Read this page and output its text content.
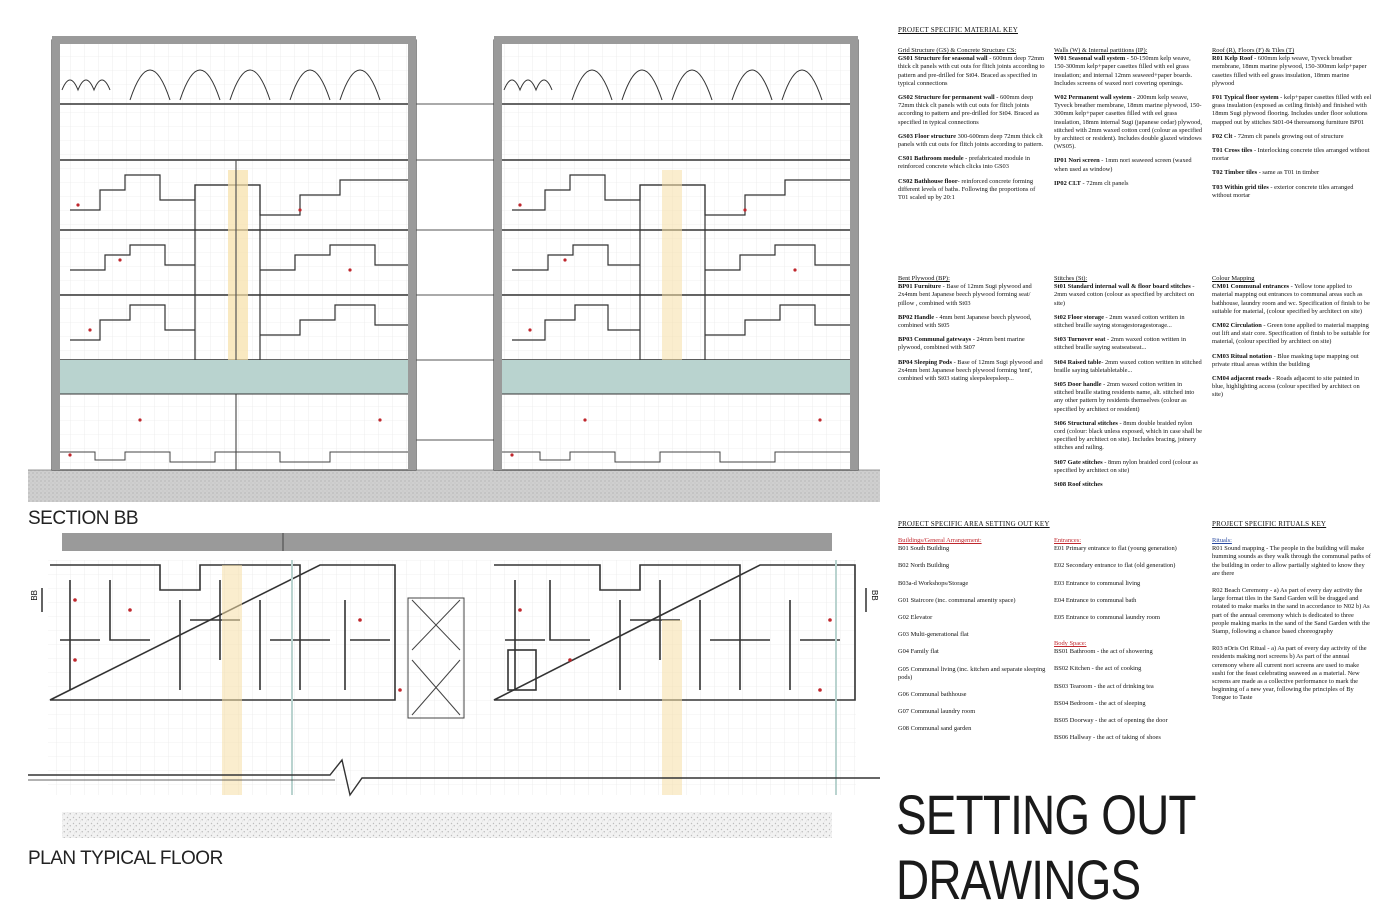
BB	BB
SECTION BB
PLAN TYPICAL FLOOR
SETTING OUT DRAWINGS
PROJECT SPECIFIC MATERIAL KEY
Grid Structure (GS) & Concrete Structure CS:

GS01 Structure for seasonal wall - 600mm deep 72mm thick clt panels with cut outs for flitch joints according to pattern and pre-drilled for St04. Braced as specified in typical connections

GS02 Structure for permanent wall - 600mm deep 72mm thick clt panels with cut outs for flitch joints according to pattern and pre-drilled for St04. Braced as specified in typical connections

GS03 Floor structure 300-600mm deep 72mm thick clt panels with cut outs for flitch joints according to pattern.

CS01 Bathroom module - prefabricated module in reinforced concrete which clicks into GS03

CS02 Bathhouse floor- reinforced concrete forming different levels of baths. Following the proportions of T01 scaled up by 20:1

Walls (W) & Internal partitions (IP):

W01 Seasonal wall system - 50-150mm kelp weave, 150-300mm kelp+paper casettes filled with eel grass insulation; and internal 12mm seaweed+paper boards. Includes screens of waxed nori covering openings.

W02 Permanent wall system - 200mm kelp weave, Tyveck breather membrane, 18mm marine plywood, 150-300mm kelp+paper casettes filled with eel grass insulation, 18mm internal Sugi (japanese cedar) plywood, stitched with 2mm waxed cotton cord (colour as specified by architect or resident). Includes double glazed windows (WS05).

IP01 Nori screen - 1mm nori seaweed screen (waxed when used as window)

IP02 CLT - 72mm clt panels

Roof (R), Floors (F) & Tiles (T)

R01 Kelp Roof - 600mm kelp weave, Tyveck breather membrane, 18mm marine plywood, 150-300mm kelp+paper casettes filled with eel grass insulation, 18mm marine plywood

F01 Typical floor system - kelp+paper casettes filled with eel grass insulation (exposed as ceiling finish) and finished with 18mm Sugi plywood flooring. Includes under floor solutions mapped out by stitches St01-04 thereamong furniture BP01

F02 Clt - 72mm clt panels growing out of structure

T01 Cross tiles - Interlocking concrete tiles arranged without mortar

T02 Timber tiles - same as T01 in timber

T03 Within grid tiles - exterior concrete tiles arranged without mortar

Bent Plywood (BP):

BP01 Furniture - Base of 12mm Sugi plywood and 2x4mm bent Japanese beech plywood forming seat/ pillow , combined with St03

BP02 Handle - 4mm bent Japanese beech plywood, combined with St05

BP03 Communal gateways - 24mm bent marine plywood, combined with St07

BP04 Sleeping Pods - Base of 12mm Sugi plywood and 2x4mm bent Japanese beech plywood forming 'tent', combined with St03 stating sleepsleepsleep...

Stitches (St):

St01 Standard internal wall & floor board stitches - 2mm waxed cotton (colour as specified by architect on site)

St02 Floor storage - 2mm waxed cotton written in stitched braille saying storagestoragestorage...

St03 Turnover seat - 2mm waxed cotton written in stitched braille saying seatseatseat...

St04 Raised table- 2mm waxed cotton written in stitched braille saying tabletabletable...

St05 Door handle - 2mm waxed cotton written in stitched braille stating residents name, alt. stitched into any other pattern by residents themselves (colour as specified by architect or resident)

St06 Structural stitches - 8mm double braided nylon cord (colour: black unless exposed, which in case shall be specified by architect on site). Includes bracing, joinery stitches and railing.

St07 Gate stitches - 8mm nylon braided cord (colour as specified by architect on site)

St08 Roof stitches

Colour Mapping

CM01 Communal entrances - Yellow tone applied to material mapping out entrances to communal areas such as bathhouse, laundry room and wc. Specification of finish to be suitable for material, (colour specified by architect on site)

CM02 Circulation - Green tone applied to material mapping out lift and stair core. Specification of finish to be suitable for material, (colour specified by architect on site)

CM03 Ritual notation - Blue masking tape mapping out private ritual areas within the building

CM04 adjacent roads - Roads adjacent to site painted in blue, highlighting access (colour specified by architect on site)

PROJECT SPECIFIC AREA SETTING OUT KEY
Buildings/General Arrangement:
B01 South Building
B02 North Building
B03a-d Workshops/Storage
G01 Staircore (inc. communal amenity space)
G02 Elevator
G03 Multi-generational flat
G04 Family flat
G05 Communal living (inc. kitchen and separate sleeping pods)
G06 Communal bathhouse
G07 Communal laundry room
G08 Communal sand garden
Entrances:
E01 Primary entrance to flat (young generation)
E02 Secondary entrance to flat (old generation)
E03 Entrance to communal living
E04 Entrance to communal bath
E05 Entrance to communal laundry room
Body Space:
BS01 Bathroom - the act of showering
BS02 Kitchen - the act of cooking
BS03 Tearoom - the act of drinking tea
BS04 Bedroom - the act of sleeping
BS05 Doorway - the act of opening the door
BS06 Hallway - the act of taking of shoes
PROJECT SPECIFIC RITUALS KEY
Rituals:
R01 Sound mapping - The people in the building will make humming sounds as they walk through the communal paths of the building in order to allow partially sighted to know they are there
R02 Beach Ceremony - a) As part of every day activity the large format tiles in the Sand Garden will be dragged and rotated to make marks in the sand in accordance to N02 b) As part of the annual ceremony which is dedicated to three people making marks in the sand of the Sand Garden with the Stamp, following a chance based choreography
R03 nOris Ori Ritual - a) As part of every day activity of the residents making nori screens b) As part of the annual ceremony where all current nori screens are used to make sushi for the feast celebrating seaweed as a material. New screens are made as a collective performance to mark the beginning of a new year, following the principles of By Tongue to Taste
